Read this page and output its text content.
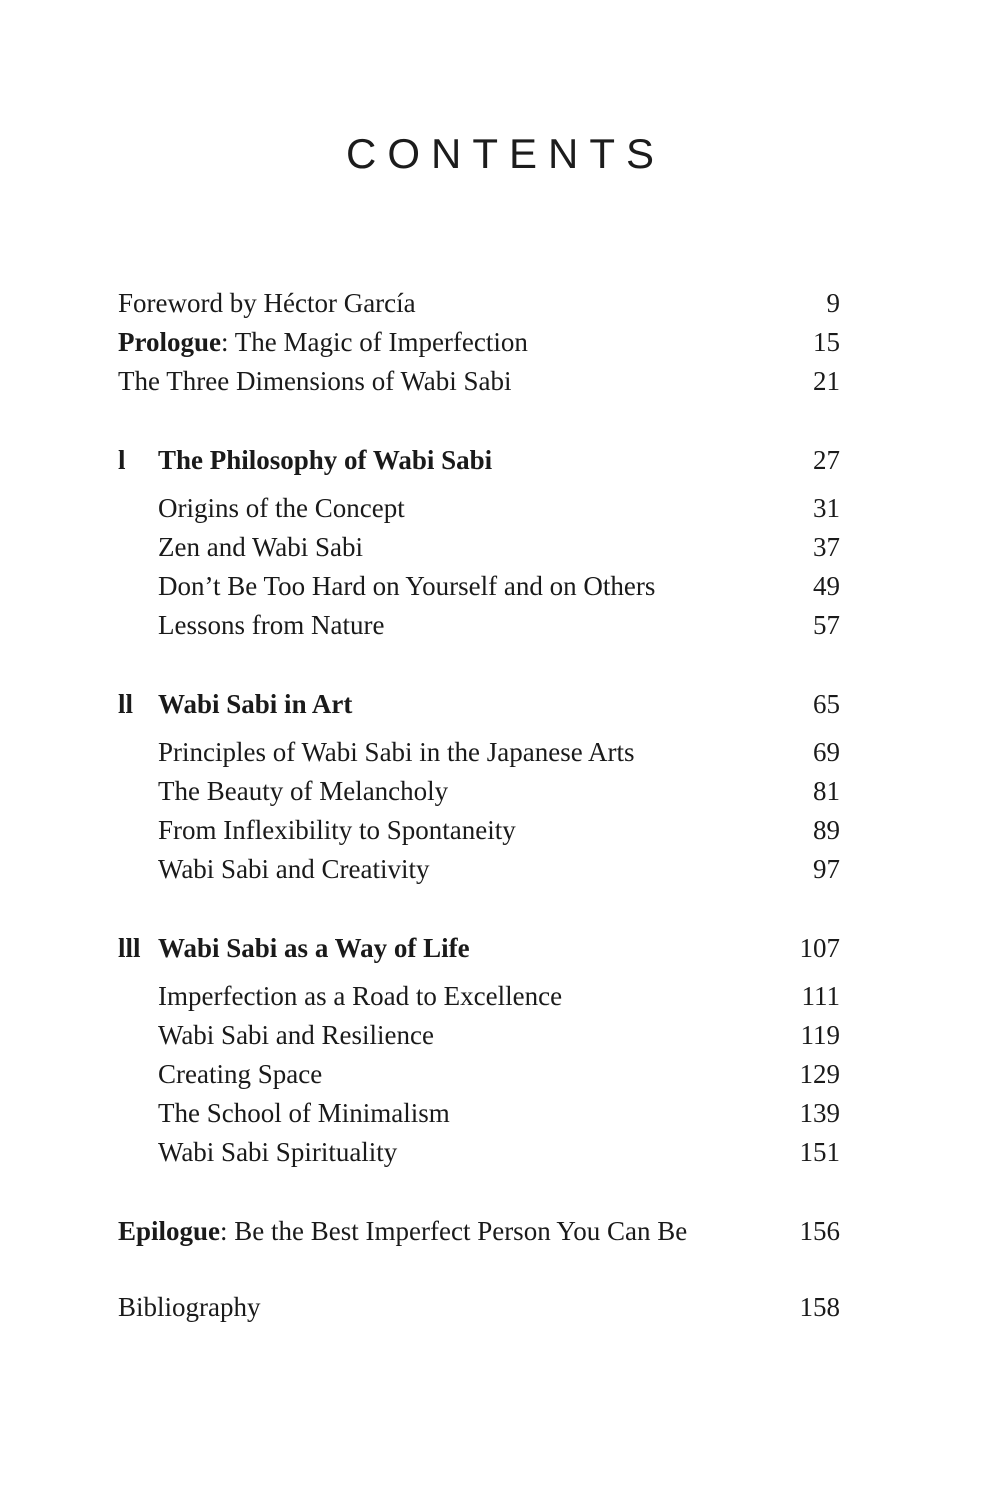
CONTENTS
Foreword by Héctor García	9
Prologue: The Magic of Imperfection	15
The Three Dimensions of Wabi Sabi	21
l	The Philosophy of Wabi Sabi	27
Origins of the Concept	31
Zen and Wabi Sabi	37
Don’t Be Too Hard on Yourself and on Others	49
Lessons from Nature	57
ll Wabi Sabi in Art	65
Principles of Wabi Sabi in the Japanese Arts	69
The Beauty of Melancholy	81
From Inflexibility to Spontaneity	89
Wabi Sabi and Creativity	97
lll Wabi Sabi as a Way of Life	107
Imperfection as a Road to Excellence	111
Wabi Sabi and Resilience	119
Creating Space	129
The School of Minimalism	139
Wabi Sabi Spirituality	151
Epilogue: Be the Best Imperfect Person You Can Be	156
Bibliography	158
